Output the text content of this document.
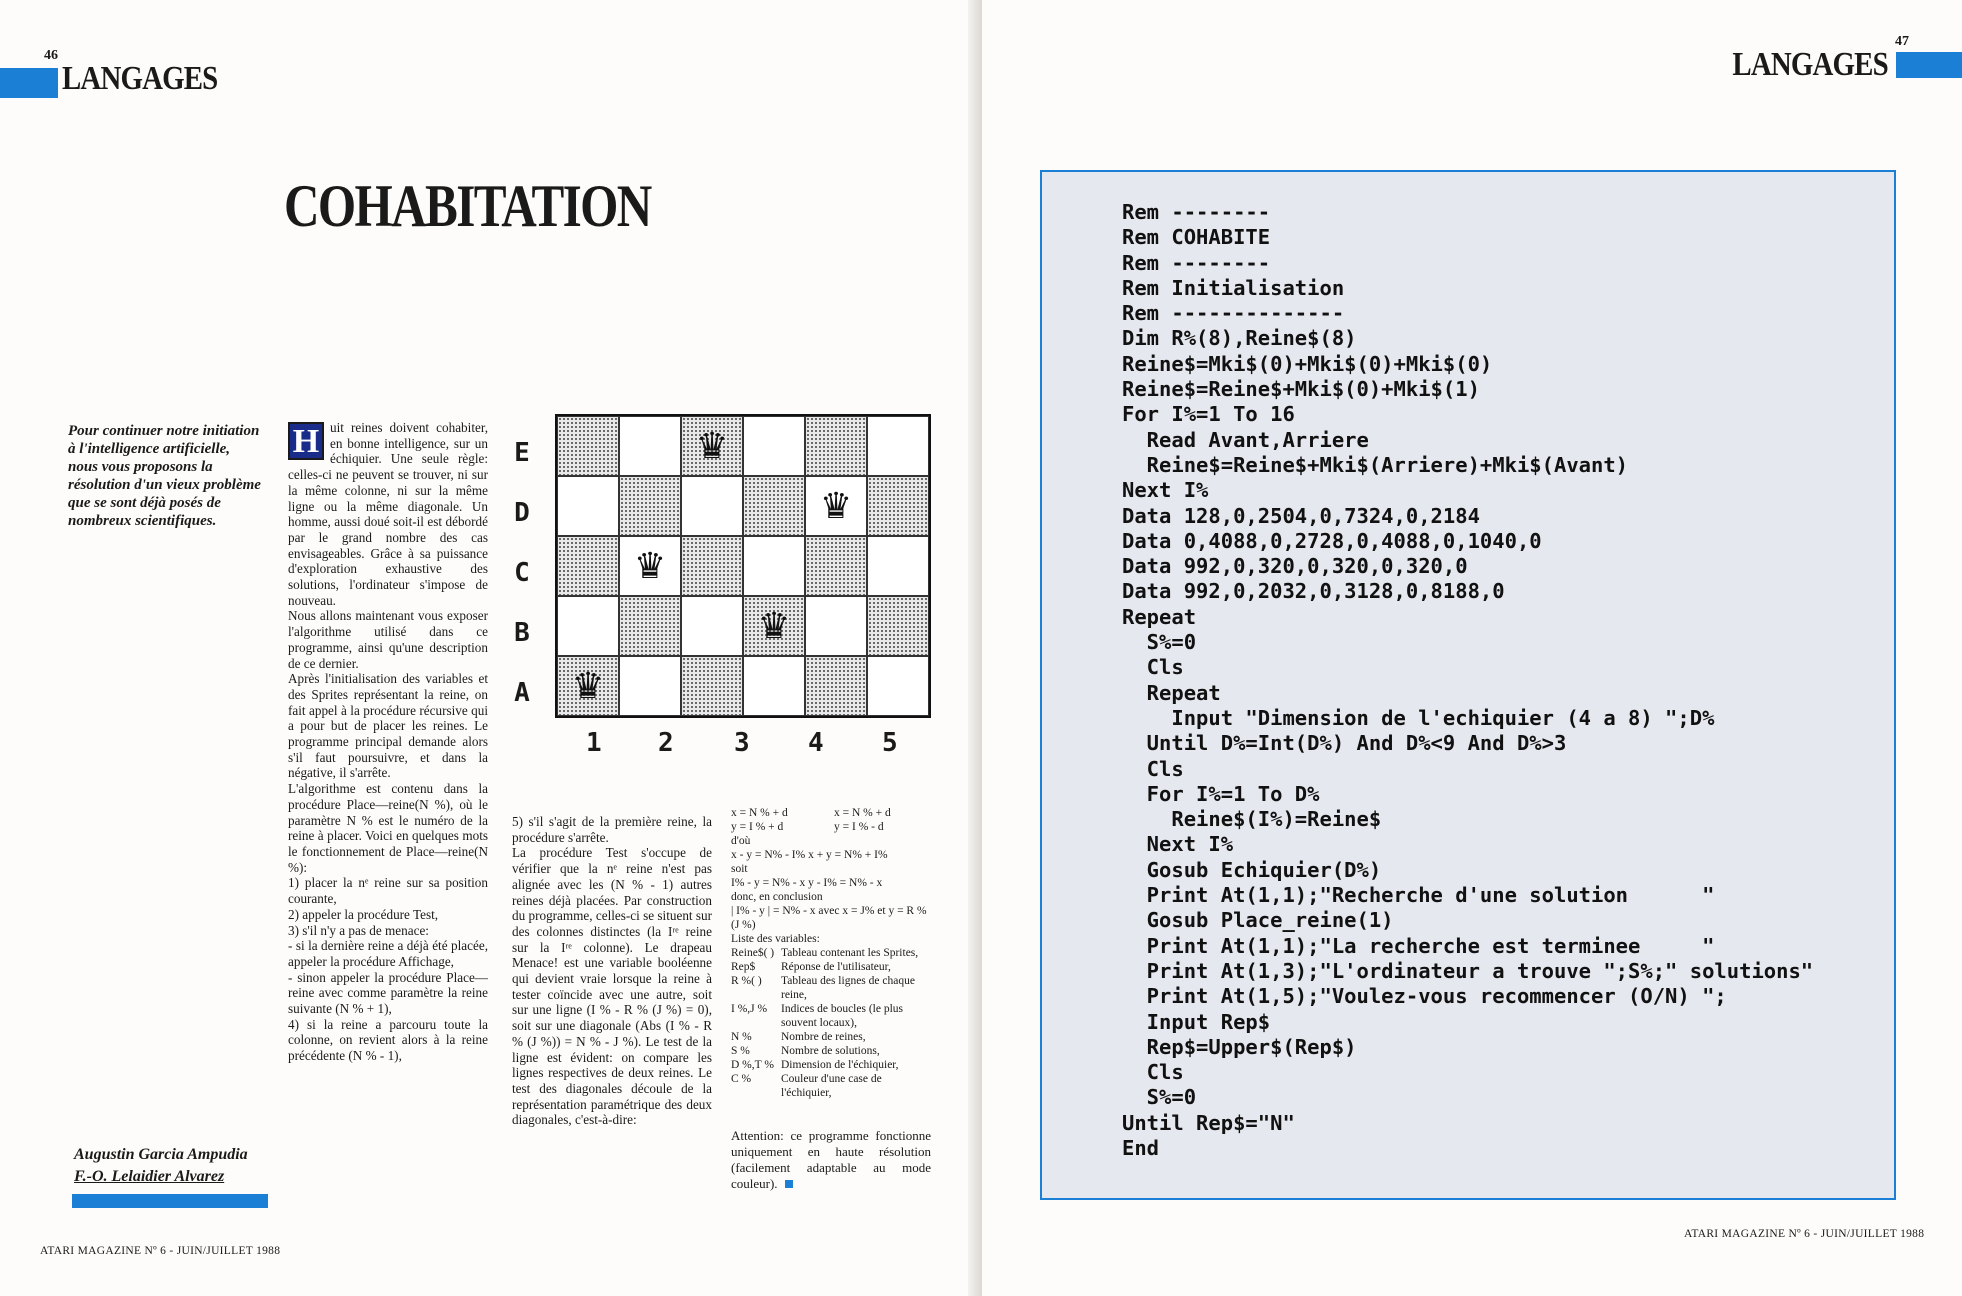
46
LANGAGES
COHABITATION
Pour continuer notre initiation à l'intelligence artificielle, nous vous proposons la résolution d'un vieux problème que se sont déjà posés de nombreux scientifiques.
Augustin Garcia Ampudia
F.-O. Lelaidier Alvarez

H uit reines doivent cohabiter, en bonne intelligence, sur un échiquier. Une seule règle: celles-ci ne peuvent se trouver, ni sur la même colonne, ni sur la même ligne ou la même diagonale. Un homme, aussi doué soit-il est débordé par le grand nombre des cas envisageables. Grâce à sa puissance d'exploration exhaustive des solutions, l'ordinateur s'impose de nouveau.

Nous allons maintenant vous exposer l'algorithme utilisé dans ce programme, ainsi qu'une description de ce dernier.

Après l'initialisation des variables et des Sprites représentant la reine, on fait appel à la procédure récursive qui a pour but de placer les reines. Le programme principal demande alors s'il faut poursuivre, et dans la négative, il s'arrête.

L'algorithme est contenu dans la procédure Place—reine(N %), où le paramètre N % est le numéro de la reine à placer. Voici en quelques mots le fonctionnement de Place—reine(N %):

1) placer la nᵉ reine sur sa position courante,

2) appeler la procédure Test,

3) s'il n'y a pas de menace:

- si la dernière reine a déjà été placée, appeler la procédure Affichage,

- sinon appeler la procédure Place—reine avec comme paramètre la reine suivante (N % + 1),

4) si la reine a parcouru toute la colonne, on revient alors à la reine précédente (N % - 1),

E
D
C
B
A
♛
♛
♛
♛
♛
1 2 3 4 5

5) s'il s'agit de la première reine, la procédure s'arrête.

La procédure Test s'occupe de vérifier que la nᵉ reine n'est pas alignée avec les (N % - 1) autres reines déjà placées. Par construction du programme, celles-ci se situent sur des colonnes distinctes (la Iʳᵉ reine sur la Iʳᵉ colonne). Le drapeau Menace! est une variable booléenne qui devient vraie lorsque la reine à tester coïncide avec une autre, soit sur une ligne (I % - R % (J %) = 0), soit sur une diagonale (Abs (I % - R % (J %)) = N % - J %). Le test de la ligne est évident: on compare les lignes respectives de deux reines. Le test des diagonales découle de la représentation paramétrique des deux diagonales, c'est-à-dire:

x = N % + d	x = N % + d
y = I % + d	y = I % - d
d'où
x - y = N% - I% x + y = N% + I%
soit
I% - y = N% - x y - I% = N% - x
donc, en conclusion
| I% - y | = N% - x avec x = J% et y = R %(J %)
Liste des variables:
Reine$( ) Tableau contenant les Sprites,
Rep$	Réponse de l'utilisateur,
R %( )	Tableau des lignes de chaque reine,
I %,J %	Indices de boucles (le plus souvent locaux),
N %	Nombre de reines,
S %	Nombre de solutions,
D %,T % Dimension de l'échiquier,
C %	Couleur d'une case de l'échiquier,
Attention: ce programme fonctionne uniquement en haute résolution (facilement adaptable au mode couleur).
ATARI MAGAZINE Nº 6 - JUIN/JUILLET 1988
47
LANGAGES
ATARI MAGAZINE Nº 6 - JUIN/JUILLET 1988
Rem --------
Rem COHABITE
Rem --------
Rem Initialisation
Rem --------------
Dim R%(8),Reine$(8)
Reine$=Mki$(0)+Mki$(0)+Mki$(0)
Reine$=Reine$+Mki$(0)+Mki$(1)
For I%=1 To 16
Read Avant,Arriere
Reine$=Reine$+Mki$(Arriere)+Mki$(Avant)
Next I%
Data 128,0,2504,0,7324,0,2184
Data 0,4088,0,2728,0,4088,0,1040,0
Data 992,0,320,0,320,0,320,0
Data 992,0,2032,0,3128,0,8188,0
Repeat
S%=0
Cls
Repeat
Input "Dimension de l'echiquier (4 a 8) ";D%
Until D%=Int(D%) And D%<9 And D%>3
Cls
For I%=1 To D%
Reine$(I%)=Reine$
Next I%
Gosub Echiquier(D%)
Print At(1,1);"Recherche d'une solution      "
Gosub Place_reine(1)
Print At(1,1);"La recherche est terminee     "
Print At(1,3);"L'ordinateur a trouve ";S%;" solutions"
Print At(1,5);"Voulez-vous recommencer (O/N) ";
Input Rep$
Rep$=Upper$(Rep$)
Cls
S%=0
Until Rep$="N"
End
